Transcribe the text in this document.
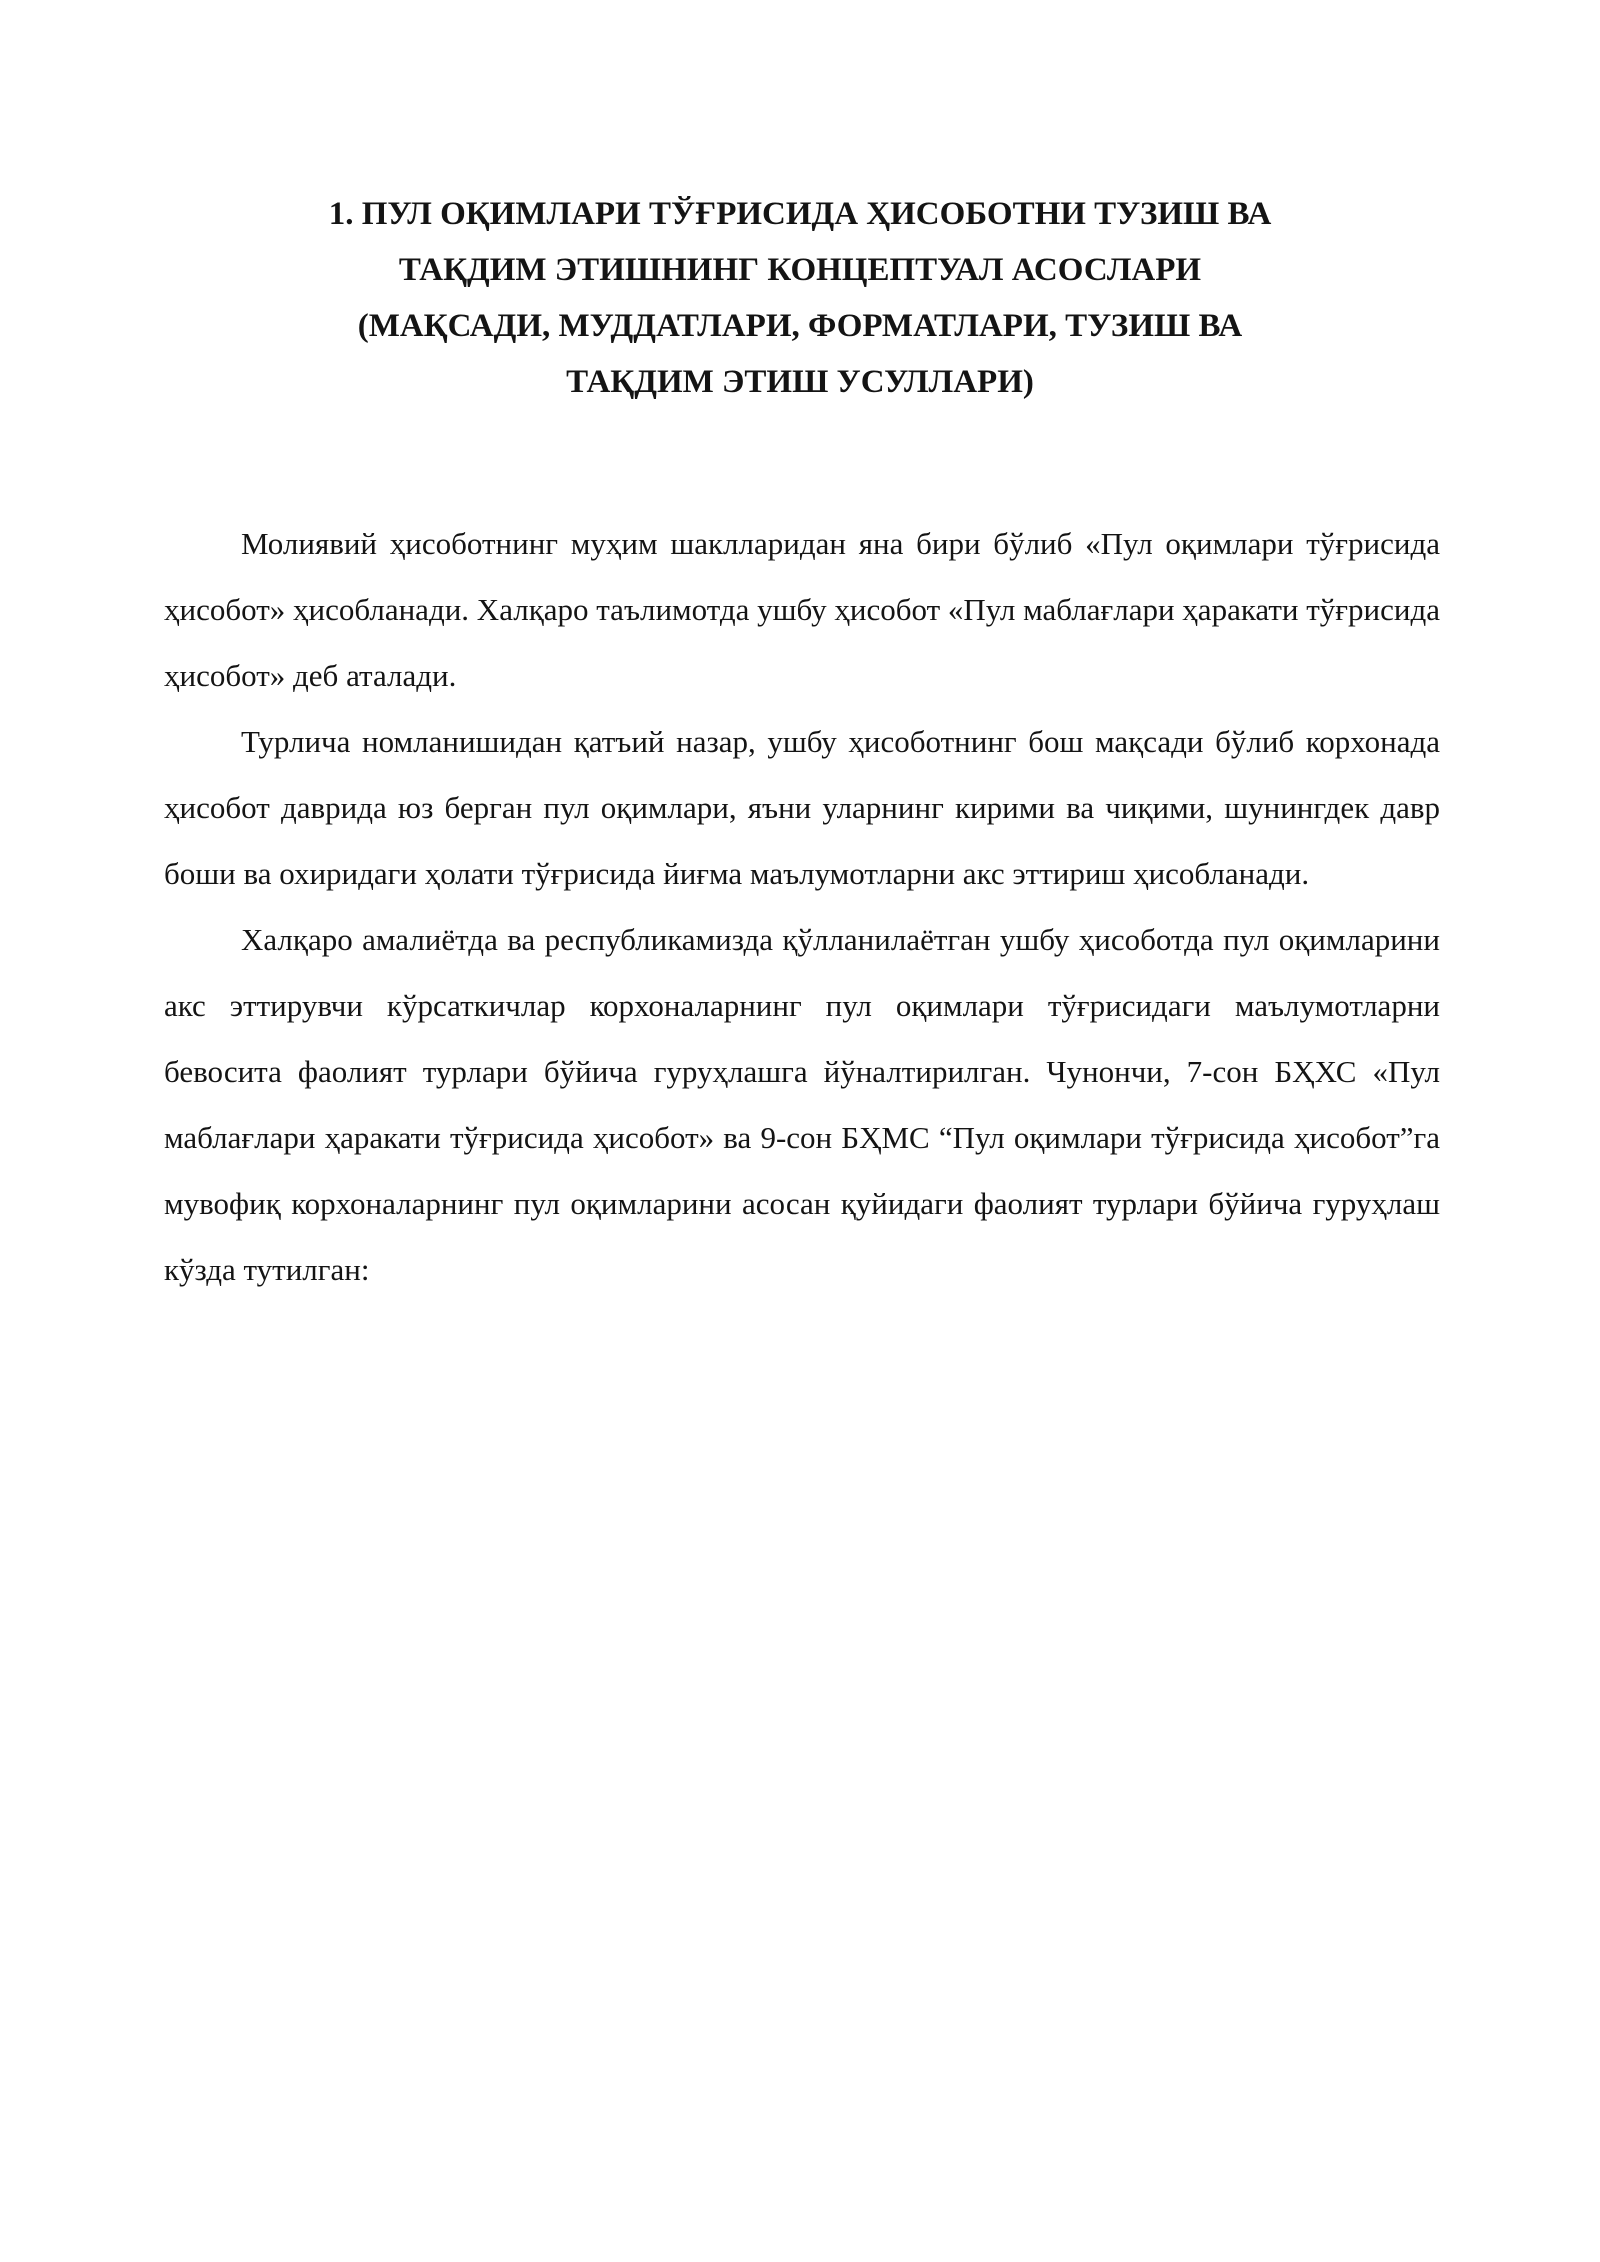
1. ПУЛ ОҚИМЛАРИ ТЎҒРИСИДА ҲИСОБОТНИ ТУЗИШ ВА
ТАҚДИМ ЭТИШНИНГ КОНЦЕПТУАЛ АСОСЛАРИ
(МАҚСАДИ, МУДДАТЛАРИ, ФОРМАТЛАРИ, ТУЗИШ ВА
ТАҚДИМ ЭТИШ УСУЛЛАРИ)

Молиявий ҳисоботнинг муҳим шаклларидан яна бири бўлиб «Пул оқимлари тўғрисида ҳисобот» ҳисобланади. Халқаро таълимотда ушбу ҳисобот «Пул маблағлари ҳаракати тўғрисида ҳисобот» деб аталади.

Турлича номланишидан қатъий назар, ушбу ҳисоботнинг бош мақсади бўлиб корхонада ҳисобот даврида юз берган пул оқимлари, яъни уларнинг кирими ва чиқими, шунингдек давр боши ва охиридаги ҳолати тўғрисида йиғма маълумотларни акс эттириш ҳисобланади.

Халқаро амалиётда ва республикамизда қўлланилаётган ушбу ҳисоботда пул оқимларини акс эттирувчи кўрсаткичлар корхоналарнинг пул оқимлари тўғрисидаги маълумотларни бевосита фаолият турлари бўйича гуруҳлашга йўналтирилган. Чунончи, 7-сон БҲХС «Пул маблағлари ҳаракати тўғрисида ҳисобот» ва 9-сон БҲМС “Пул оқимлари тўғрисида ҳисобот”га мувофиқ корхоналарнинг пул оқимларини асосан қуйидаги фаолият турлари бўйича гуруҳлаш кўзда тутилган:
